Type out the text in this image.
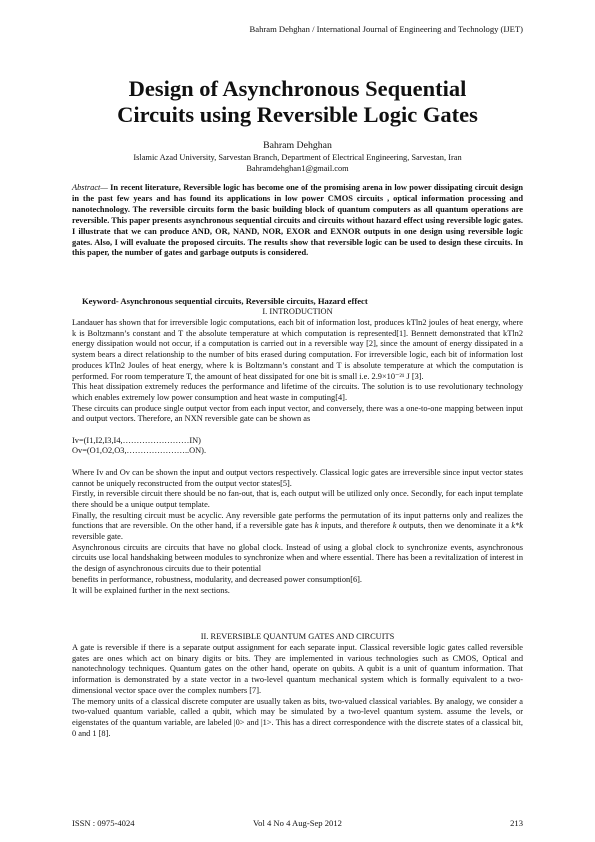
Bahram Dehghan / International Journal of Engineering and Technology (IJET)
Design of Asynchronous Sequential
Circuits using Reversible Logic Gates
Bahram Dehghan
Islamic Azad University, Sarvestan Branch, Department of Electrical Engineering, Sarvestan, Iran
Bahramdehghan1@gmail.com
Abstract— In recent literature, Reversible logic has become one of the promising arena in low power dissipating circuit design in the past few years and has found its applications in low power CMOS circuits , optical information processing and nanotechnology. The reversible circuits form the basic building block of quantum computers as all quantum operations are reversible. This paper presents asynchronous sequential circuits and circuits without hazard effect using reversible logic gates. I illustrate that we can produce AND, OR, NAND, NOR, EXOR and EXNOR outputs in one design using reversible logic gates. Also, I will evaluate the proposed circuits. The results show that reversible logic can be used to design these circuits. In this paper, the number of gates and garbage outputs is considered.
Keyword- Asynchronous sequential circuits, Reversible circuits, Hazard effect
I. INTRODUCTION

Landauer has shown that for irreversible logic computations, each bit of information lost, produces kTln2 joules of heat energy, where k is Boltzmann’s constant and T the absolute temperature at which computation is represented[1]. Bennett demonstrated that kTln2 energy dissipation would not occur, if a computation is carried out in a reversible way [2], since the amount of energy dissipated in a system bears a direct relationship to the number of bits erased during computation. For irreversible logic, each bit of information lost produces kTln2 Joules of heat energy, where k is Boltzmann’s constant and T is absolute temperature at which the computation is performed. For room temperature T, the amount of heat dissipated for one bit is small i.e. 2.9×10⁻²¹ J [3].

This heat dissipation extremely reduces the performance and lifetime of the circuits. The solution is to use revolutionary technology which enables extremely low power consumption and heat waste in computing[4].

These circuits can produce single output vector from each input vector, and conversely, there was a one-to-one mapping between input and output vectors. Therefore, an NXN reversible gate can be shown as

Iv=(I1,I2,I3,I4,……………………IN)

Ov=(O1,O2,O3,…………………..ON).

Where Iv and Ov can be shown the input and output vectors respectively. Classical logic gates are irreversible since input vector states cannot be uniquely reconstructed from the output vector states[5].

Firstly, in reversible circuit there should be no fan-out, that is, each output will be utilized only once. Secondly, for each input template there should be a unique output template.

Finally, the resulting circuit must be acyclic. Any reversible gate performs the permutation of its input patterns only and realizes the functions that are reversible. On the other hand, if a reversible gate has k inputs, and therefore k outputs, then we denominate it a k*k reversible gate.

Asynchronous circuits are circuits that have no global clock. Instead of using a global clock to synchronize events, asynchronous circuits use local handshaking between modules to synchronize when and where essential. There has been a revitalization of interest in the design of asynchronous circuits due to their potential

benefits in performance, robustness, modularity, and decreased power consumption[6].

It will be explained further in the next sections.

II. REVERSIBLE QUANTUM GATES AND CIRCUITS

A gate is reversible if there is a separate output assignment for each separate input. Classical reversible logic gates called reversible gates are ones which act on binary digits or bits. They are implemented in various technologies such as CMOS, Optical and nanotechnology techniques. Quantum gates on the other hand, operate on qubits. A qubit is a unit of quantum information. That information is demonstrated by a state vector in a two-level quantum mechanical system which is formally equivalent to a two-dimensional vector space over the complex numbers [7].

The memory units of a classical discrete computer are usually taken as bits, two-valued classical variables. By analogy, we consider a two-valued quantum variable, called a qubit, which may be simulated by a two-level quantum system. assume the levels, or eigenstates of the quantum variable, are labeled |0> and |1>. This has a direct correspondence with the discrete states of a classical bit, 0 and 1 [8].

ISSN : 0975-4024	Vol 4 No 4 Aug-Sep 2012	213
